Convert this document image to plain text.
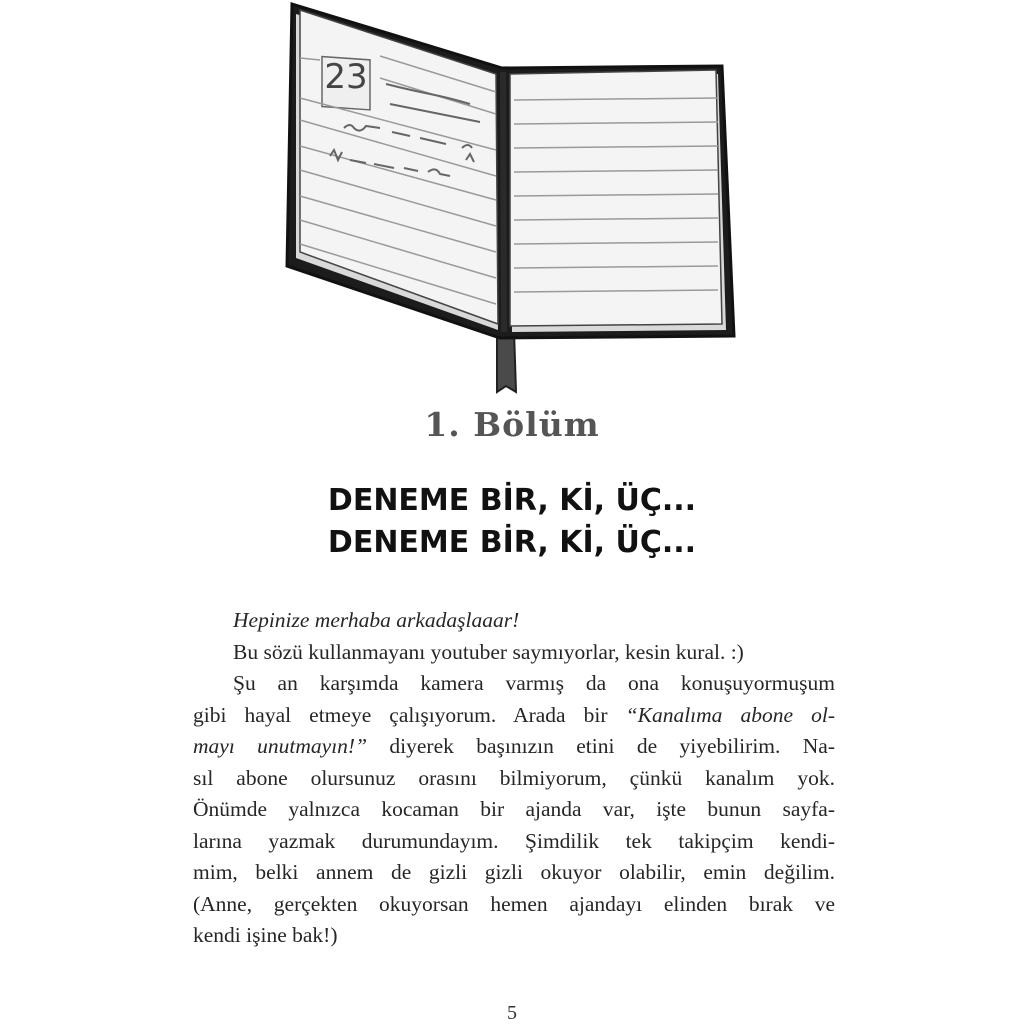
23
1. Bölüm
DENEME BİR, Kİ, ÜÇ...
DENEME BİR, Kİ, ÜÇ...
Hepinize merhaba arkadaşlaaar!
Bu sözü kullanmayanı youtuber saymıyorlar, kesin kural. :)
Şu an karşımda kamera varmış da ona konuşuyormuşum
gibi hayal etmeye çalışıyorum. Arada bir “Kanalıma abone ol-
mayı unutmayın!” diyerek başınızın etini de yiyebilirim. Na-
sıl abone olursunuz orasını bilmiyorum, çünkü kanalım yok.
Önümde yalnızca kocaman bir ajanda var, işte bunun sayfa-
larına yazmak durumundayım. Şimdilik tek takipçim kendi-
mim, belki annem de gizli gizli okuyor olabilir, emin değilim.
(Anne, gerçekten okuyorsan hemen ajandayı elinden bırak ve
kendi işine bak!)
5
